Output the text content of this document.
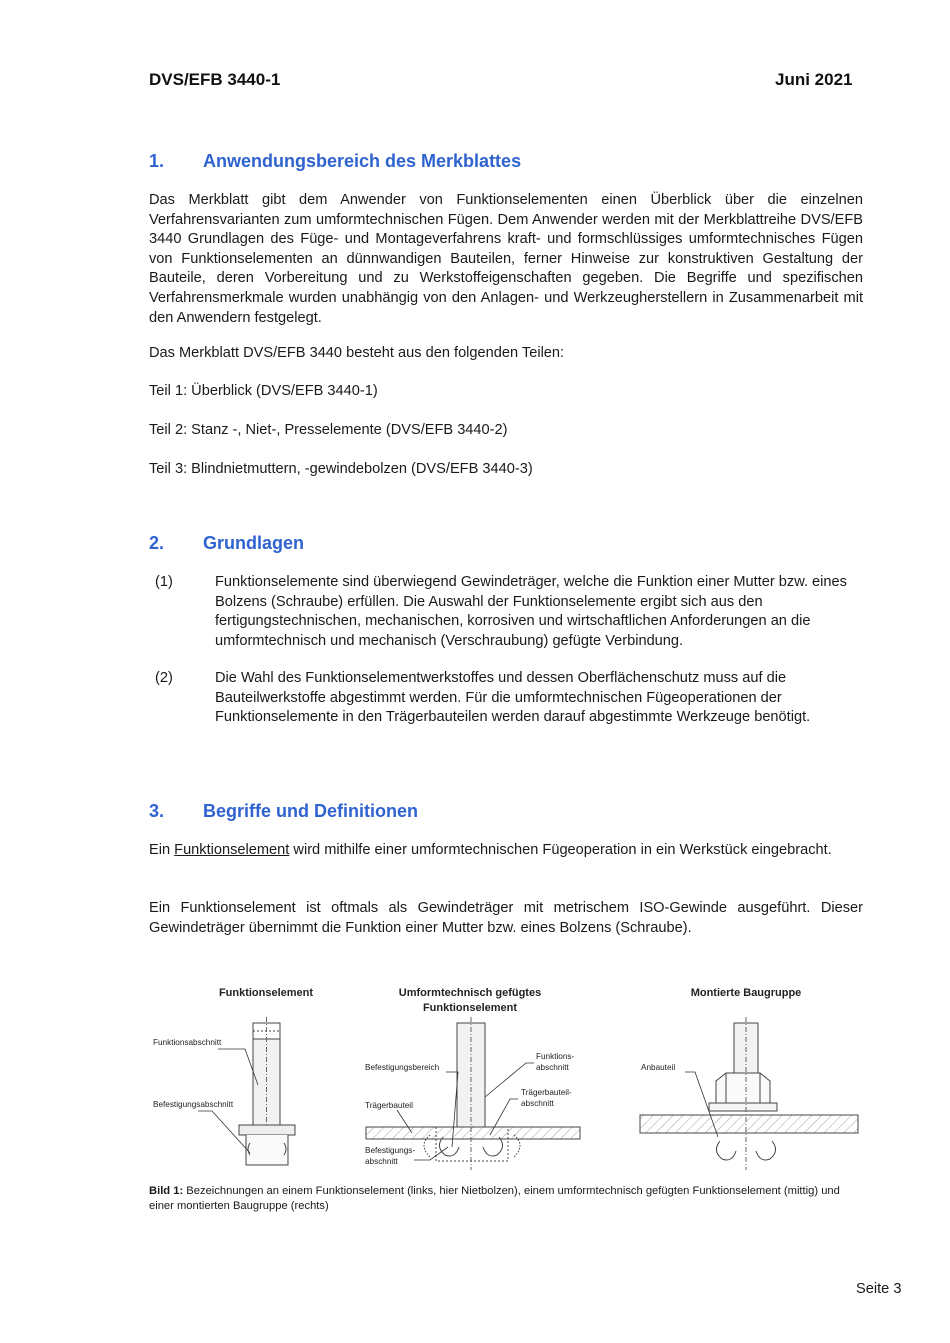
DVS/EFB 3440-1	Juni 2021
1. Anwendungsbereich des Merkblattes
Das Merkblatt gibt dem Anwender von Funktionselementen einen Überblick über die einzelnen Verfahrensvarianten zum umformtechnischen Fügen. Dem Anwender werden mit der Merkblattreihe DVS/EFB 3440 Grundlagen des Füge- und Montageverfahrens kraft- und formschlüssiges umformtechnisches Fügen von Funktionselementen an dünnwandigen Bauteilen, ferner Hinweise zur konstruktiven Gestaltung der Bauteile, deren Vorbereitung und zu Werkstoffeigenschaften gegeben. Die Begriffe und spezifischen Verfahrensmerkmale wurden unabhängig von den Anlagen- und Werkzeugherstellern in Zusammenarbeit mit den Anwendern festgelegt.
Das Merkblatt DVS/EFB 3440 besteht aus den folgenden Teilen:
Teil 1: Überblick (DVS/EFB 3440-1)
Teil 2: Stanz -, Niet-, Presselemente (DVS/EFB 3440-2)
Teil 3: Blindnietmuttern, -gewindebolzen (DVS/EFB 3440-3)
2. Grundlagen
(1)	Funktionselemente sind überwiegend Gewindeträger, welche die Funktion einer Mutter bzw. eines Bolzens (Schraube) erfüllen. Die Auswahl der Funktionselemente ergibt sich aus den fertigungstechnischen, mechanischen, korrosiven und wirtschaftlichen Anforderungen an die umformtechnisch und mechanisch (Verschraubung) gefügte Verbindung.
(2)	Die Wahl des Funktionselementwerkstoffes und dessen Oberflächenschutz muss auf die Bauteilwerkstoffe abgestimmt werden. Für die umformtechnischen Fügeoperationen der Funktionselemente in den Trägerbauteilen werden darauf abgestimmte Werkzeuge benötigt.
3. Begriffe und Definitionen
Ein Funktionselement wird mithilfe einer umformtechnischen Fügeoperation in ein Werkstück eingebracht.
Ein Funktionselement ist oftmals als Gewindeträger mit metrischem ISO-Gewinde ausgeführt. Dieser Gewindeträger übernimmt die Funktion einer Mutter bzw. eines Bolzens (Schraube).
Funktionselement	Umformtechnisch gefügtes
Funktionselement
Montierte Baugruppe
Funktionsabschnitt
Befestigungsabschnitt
Befestigungsbereich
Trägerbauteil
Befestigungs-
abschnitt
Funktions-
abschnitt
Trägerbauteil-
abschnitt
Anbauteil
Bild 1: Bezeichnungen an einem Funktionselement (links, hier Nietbolzen), einem umformtechnisch gefügten Funktionselement (mittig) und einer montierten Baugruppe (rechts)
Seite 3
